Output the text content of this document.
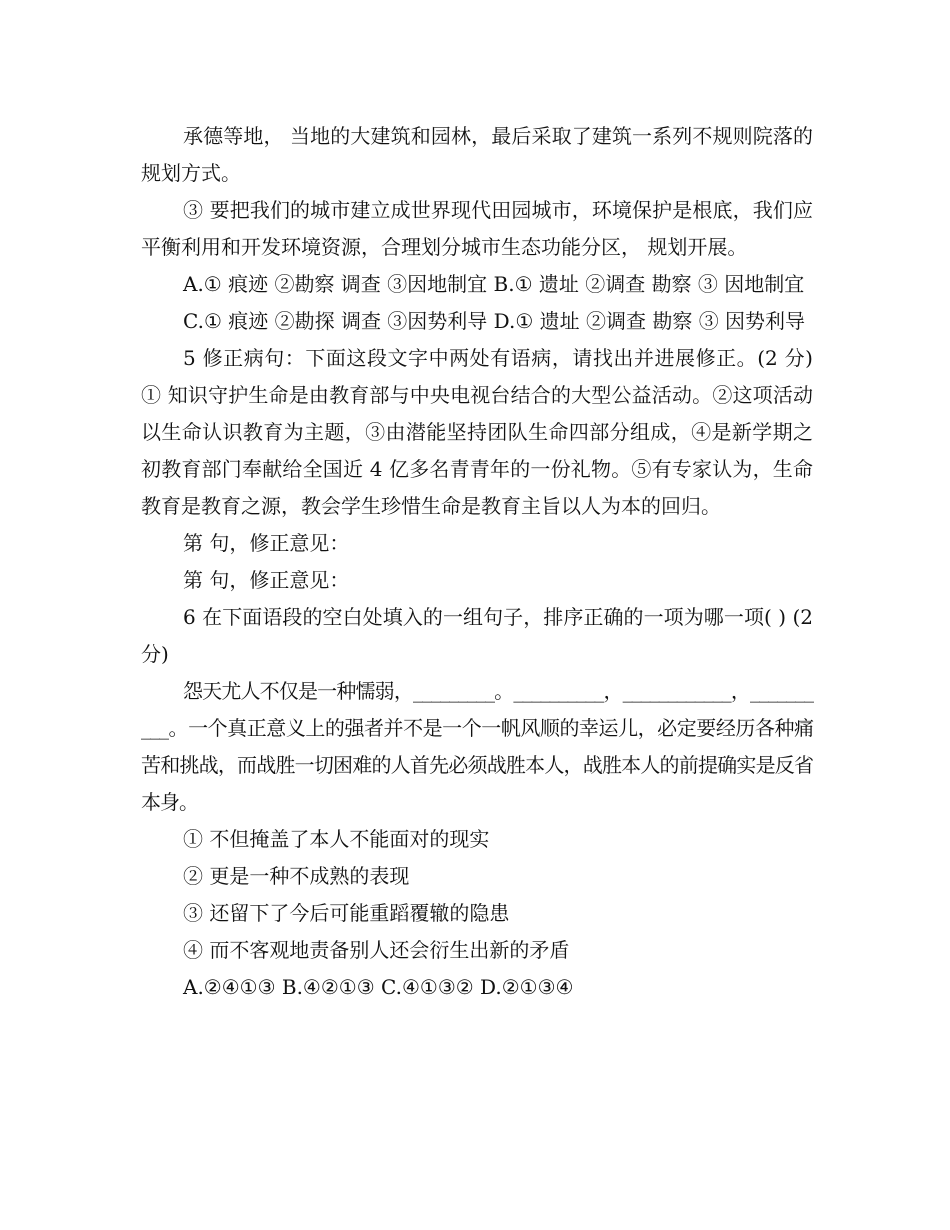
承德等地， 当地的大建筑和园林，最后采取了建筑一系列不规则院落的规划方式。

③ 要把我们的城市建立成世界现代田园城市，环境保护是根底，我们应平衡利用和开发环境资源，合理划分城市生态功能分区， 规划开展。

A.① 痕迹 ②勘察 调查 ③因地制宜 B.① 遗址 ②调查 勘察 ③ 因地制宜

C.① 痕迹 ②勘探 调查 ③因势利导 D.① 遗址 ②调查 勘察 ③ 因势利导

5 修正病句：下面这段文字中两处有语病，请找出并进展修正。(2 分)① 知识守护生命是由教育部与中央电视台结合的大型公益活动。②这项活动以生命认识教育为主题，③由潜能坚持团队生命四部分组成，④是新学期之初教育部门奉献给全国近 4 亿多名青青年的一份礼物。⑤有专家认为，生命教育是教育之源，教会学生珍惜生命是教育主旨以人为本的回归。

第 句，修正意见：

第 句，修正意见：

6 在下面语段的空白处填入的一组句子，排序正确的一项为哪一项( ) (2 分)

怨天尤人不仅是一种懦弱，_________。__________，____________，__________。一个真正意义上的强者并不是一个一帆风顺的幸运儿，必定要经历各种痛苦和挑战，而战胜一切困难的人首先必须战胜本人，战胜本人的前提确实是反省本身。

① 不但掩盖了本人不能面对的现实

② 更是一种不成熟的表现

③ 还留下了今后可能重蹈覆辙的隐患

④ 而不客观地责备别人还会衍生出新的矛盾

A.②④①③ B.④②①③ C.④①③② D.②①③④
